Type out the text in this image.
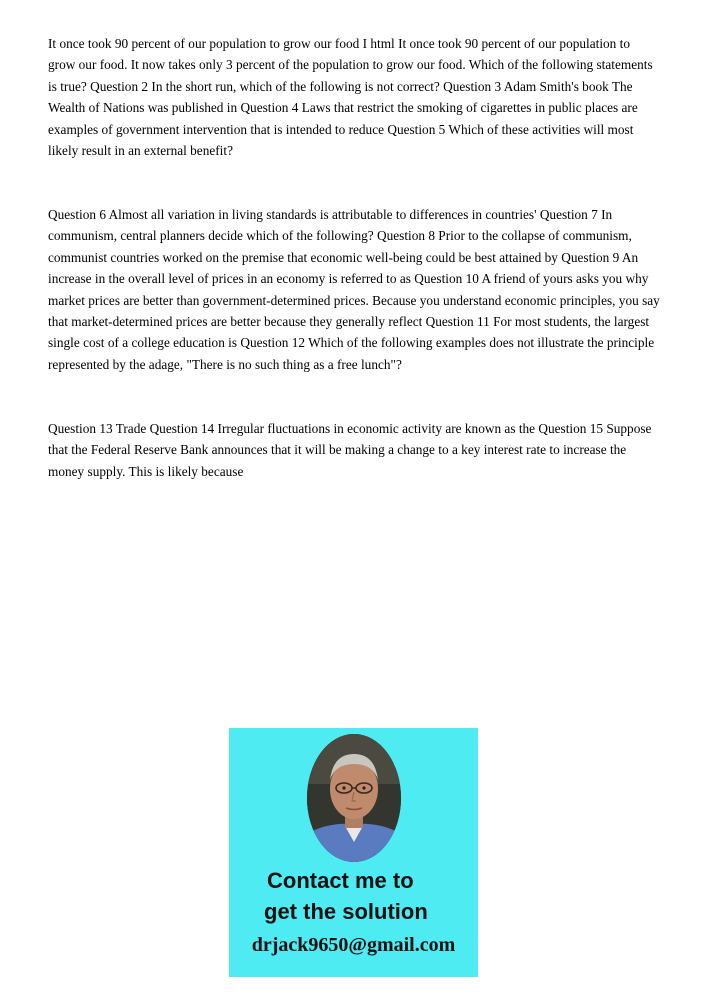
It once took 90 percent of our population to grow our food I html It once took 90 percent of our population to grow our food. It now takes only 3 percent of the population to grow our food. Which of the following statements is true? Question 2 In the short run, which of the following is not correct? Question 3 Adam Smith's book The Wealth of Nations was published in Question 4 Laws that restrict the smoking of cigarettes in public places are examples of government intervention that is intended to reduce Question 5 Which of these activities will most likely result in an external benefit?

Question 6 Almost all variation in living standards is attributable to differences in countries' Question 7 In communism, central planners decide which of the following? Question 8 Prior to the collapse of communism, communist countries worked on the premise that economic well-being could be best attained by Question 9 An increase in the overall level of prices in an economy is referred to as Question 10 A friend of yours asks you why market prices are better than government-determined prices. Because you understand economic principles, you say that market-determined prices are better because they generally reflect Question 11 For most students, the largest single cost of a college education is Question 12 Which of the following examples does not illustrate the principle represented by the adage, "There is no such thing as a free lunch"?

Question 13 Trade Question 14 Irregular fluctuations in economic activity are known as the Question 15 Suppose that the Federal Reserve Bank announces that it will be making a change to a key interest rate to increase the money supply. This is likely because

Contact me to

get the solution

drjack9650@gmail.com
